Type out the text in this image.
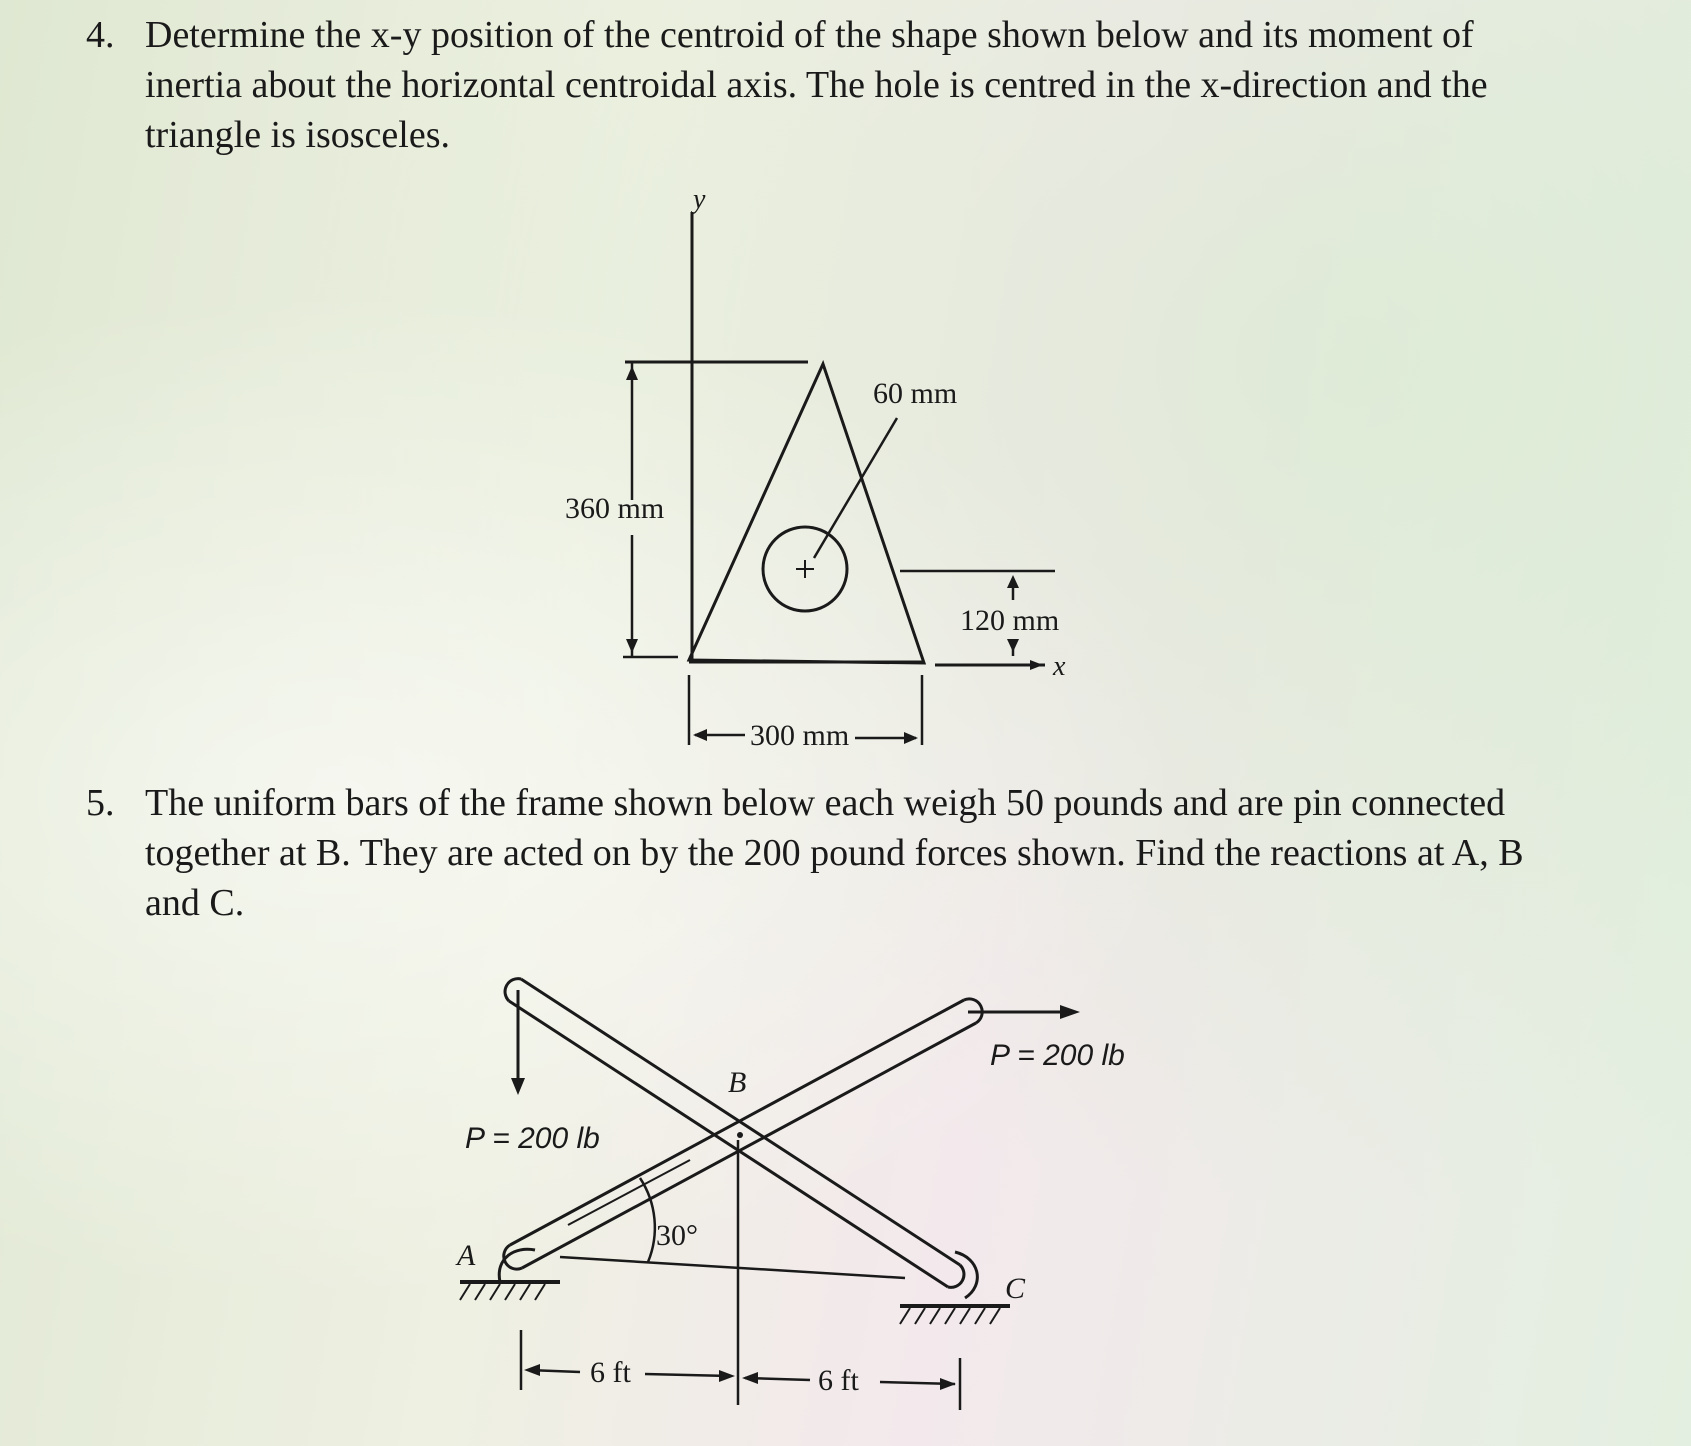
4. Determine the x-y position of the centroid of the shape shown below and its moment of
inertia about the horizontal centroidal axis. The hole is centred in the x-direction and the
triangle is isosceles.
5. The uniform bars of the frame shown below each weigh 50 pounds and are pin connected
together at B. They are acted on by the 200 pound forces shown. Find the reactions at A, B
and C.
y
60 mm
360 mm
120 mm
x
300 mm
P = 200 lb
B
P = 200 lb
30°
A
C
6 ft	6 ft
